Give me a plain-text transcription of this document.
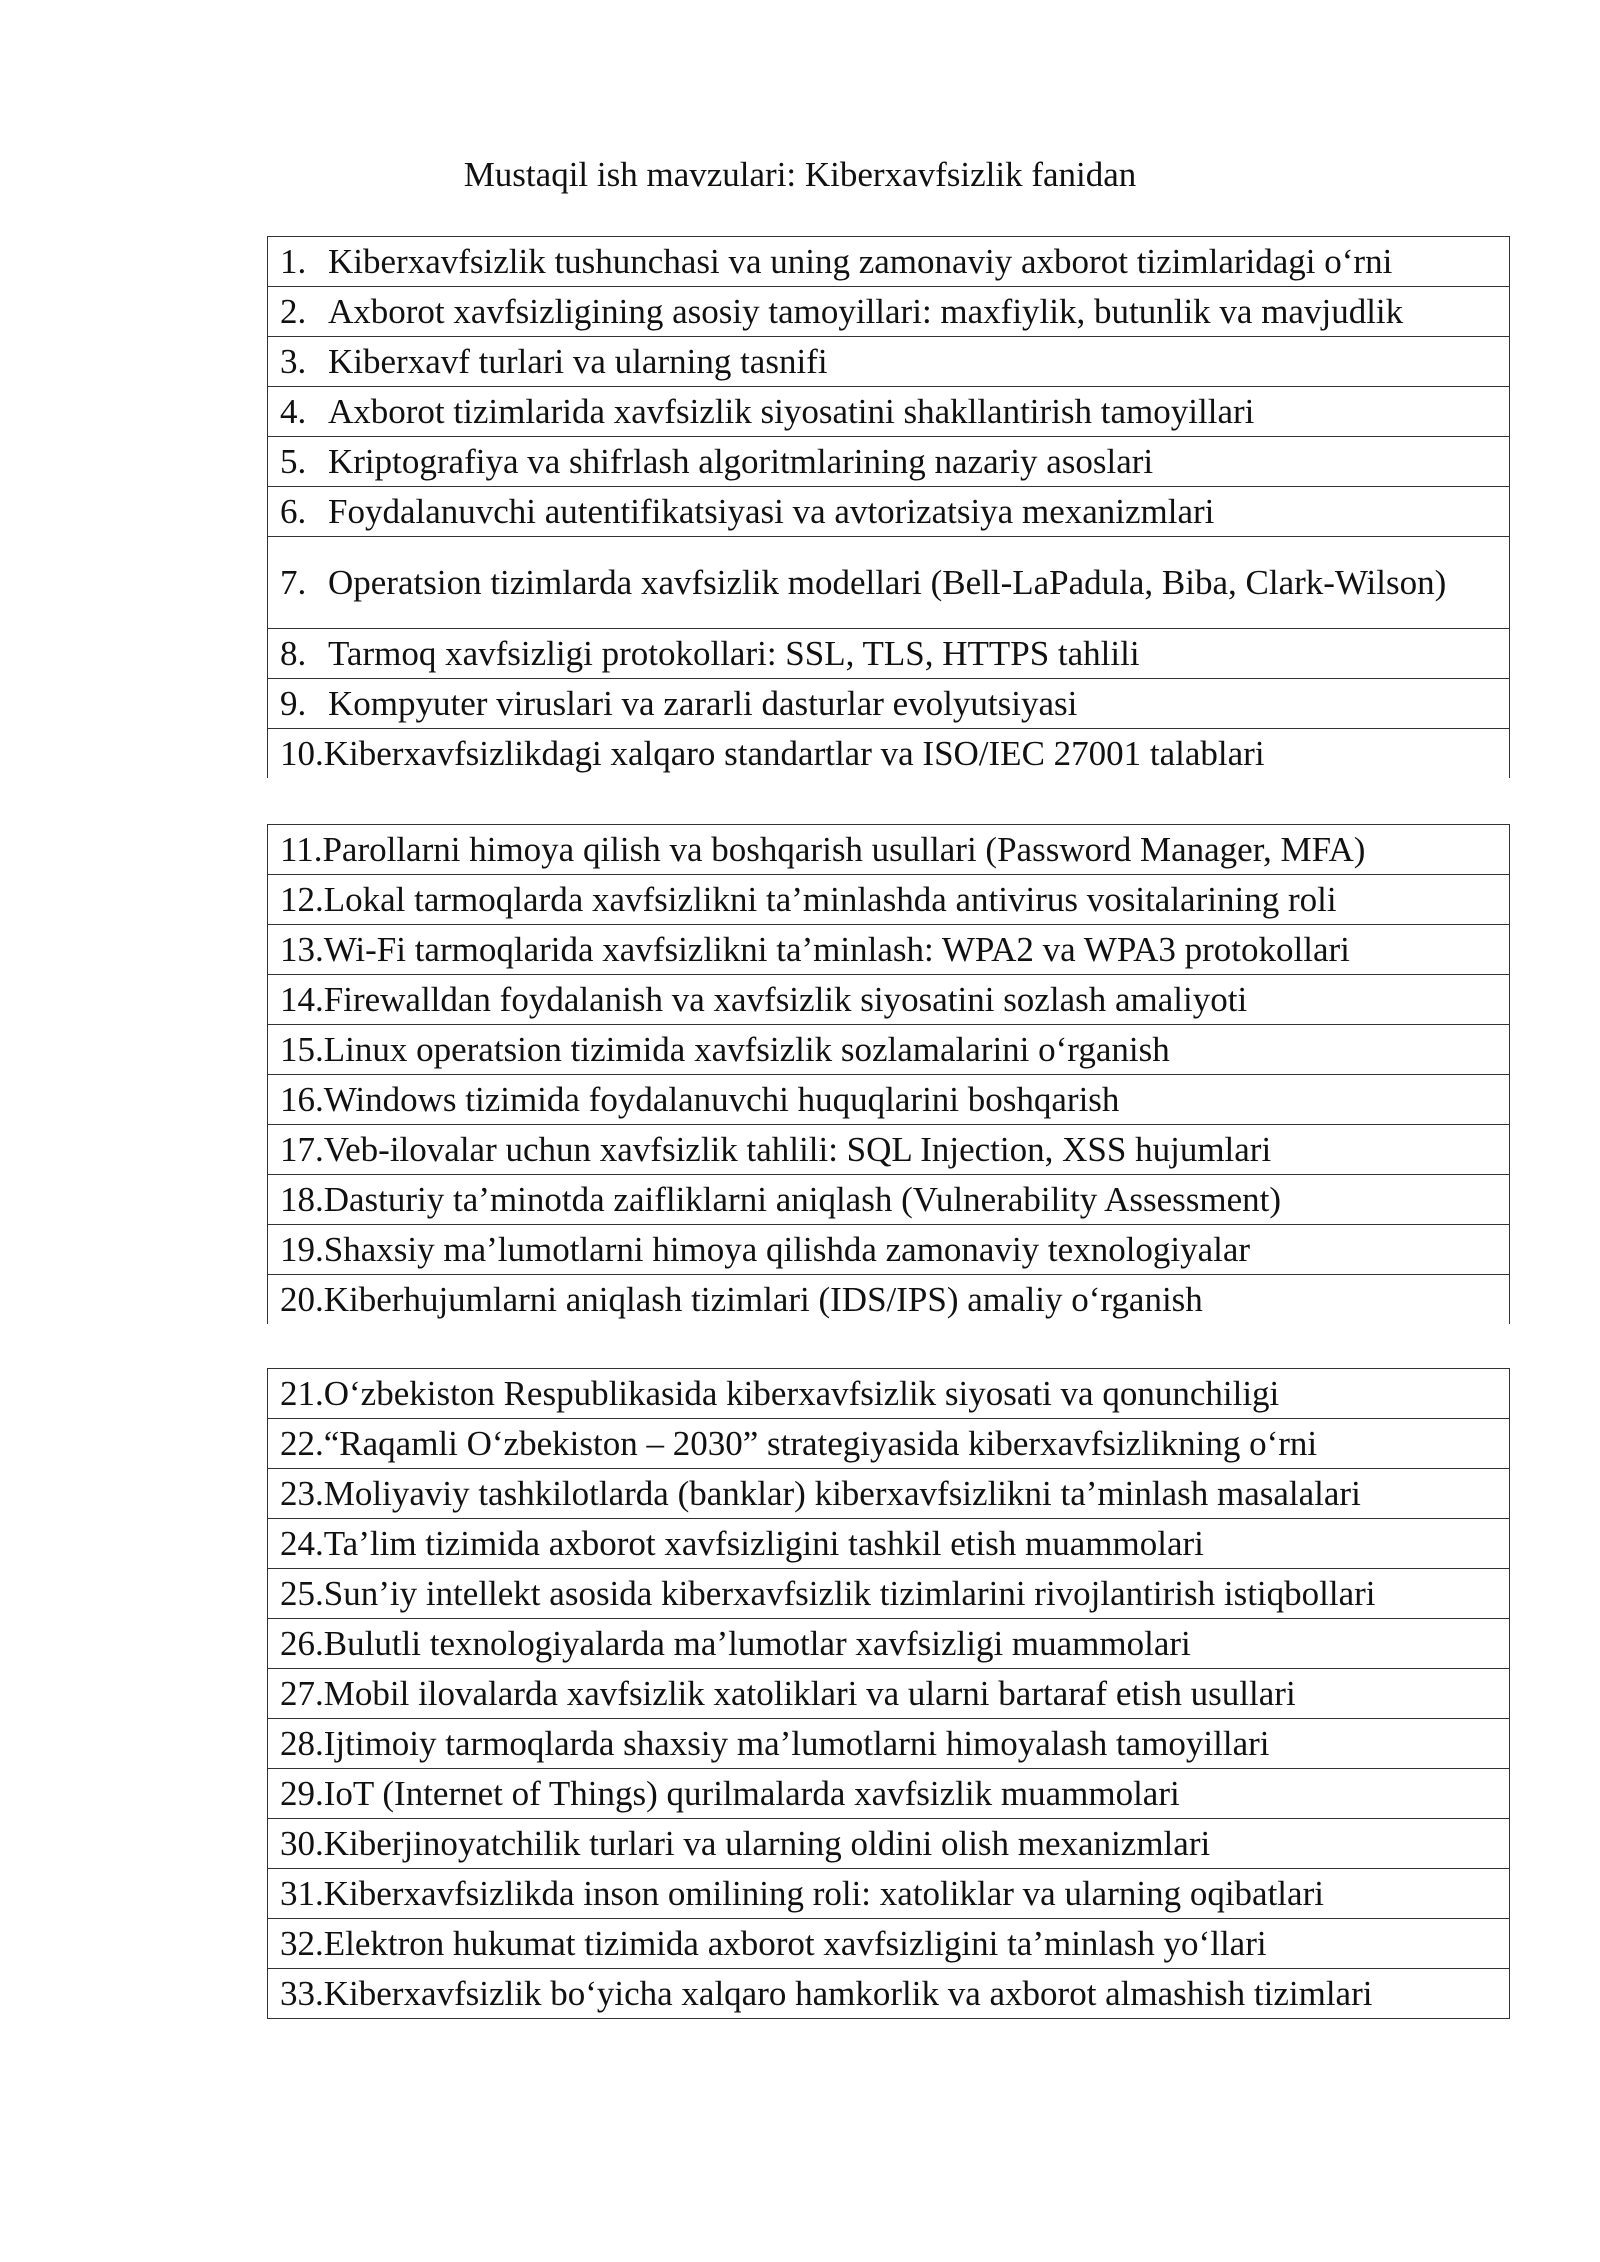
Mustaqil ish mavzulari: Kiberxavfsizlik fanidan
1. Kiberxavfsizlik tushunchasi va uning zamonaviy axborot tizimlaridagi o‘rni

2. Axborot xavfsizligining asosiy tamoyillari: maxfiylik, butunlik va mavjudlik

3. Kiberxavf turlari va ularning tasnifi

4. Axborot tizimlarida xavfsizlik siyosatini shakllantirish tamoyillari

5. Kriptografiya va shifrlash algoritmlarining nazariy asoslari

6. Foydalanuvchi autentifikatsiyasi va avtorizatsiya mexanizmlari

7. Operatsion tizimlarda xavfsizlik modellari (Bell-LaPadula, Biba, Clark-Wilson)

8. Tarmoq xavfsizligi protokollari: SSL, TLS, HTTPS tahlili

9. Kompyuter viruslari va zararli dasturlar evolyutsiyasi

10. Kiberxavfsizlikdagi xalqaro standartlar va ISO/IEC 27001 talablari
11. Parollarni himoya qilish va boshqarish usullari (Password Manager, MFA)

12. Lokal tarmoqlarda xavfsizlikni ta’minlashda antivirus vositalarining roli

13. Wi-Fi tarmoqlarida xavfsizlikni ta’minlash: WPA2 va WPA3 protokollari

14. Firewalldan foydalanish va xavfsizlik siyosatini sozlash amaliyoti

15. Linux operatsion tizimida xavfsizlik sozlamalarini o‘rganish

16. Windows tizimida foydalanuvchi huquqlarini boshqarish

17. Veb-ilovalar uchun xavfsizlik tahlili: SQL Injection, XSS hujumlari

18. Dasturiy ta’minotda zaifliklarni aniqlash (Vulnerability Assessment)

19. Shaxsiy ma’lumotlarni himoya qilishda zamonaviy texnologiyalar

20. Kiberhujumlarni aniqlash tizimlari (IDS/IPS) amaliy o‘rganish
21. O‘zbekiston Respublikasida kiberxavfsizlik siyosati va qonunchiligi

22. “Raqamli O‘zbekiston – 2030” strategiyasida kiberxavfsizlikning o‘rni

23. Moliyaviy tashkilotlarda (banklar) kiberxavfsizlikni ta’minlash masalalari

24. Ta’lim tizimida axborot xavfsizligini tashkil etish muammolari

25. Sun’iy intellekt asosida kiberxavfsizlik tizimlarini rivojlantirish istiqbollari

26. Bulutli texnologiyalarda ma’lumotlar xavfsizligi muammolari

27. Mobil ilovalarda xavfsizlik xatoliklari va ularni bartaraf etish usullari

28. Ijtimoiy tarmoqlarda shaxsiy ma’lumotlarni himoyalash tamoyillari

29. IoT (Internet of Things) qurilmalarda xavfsizlik muammolari

30. Kiberjinoyatchilik turlari va ularning oldini olish mexanizmlari

31. Kiberxavfsizlikda inson omilining roli: xatoliklar va ularning oqibatlari

32. Elektron hukumat tizimida axborot xavfsizligini ta’minlash yo‘llari

33. Kiberxavfsizlik bo‘yicha xalqaro hamkorlik va axborot almashish tizimlari
